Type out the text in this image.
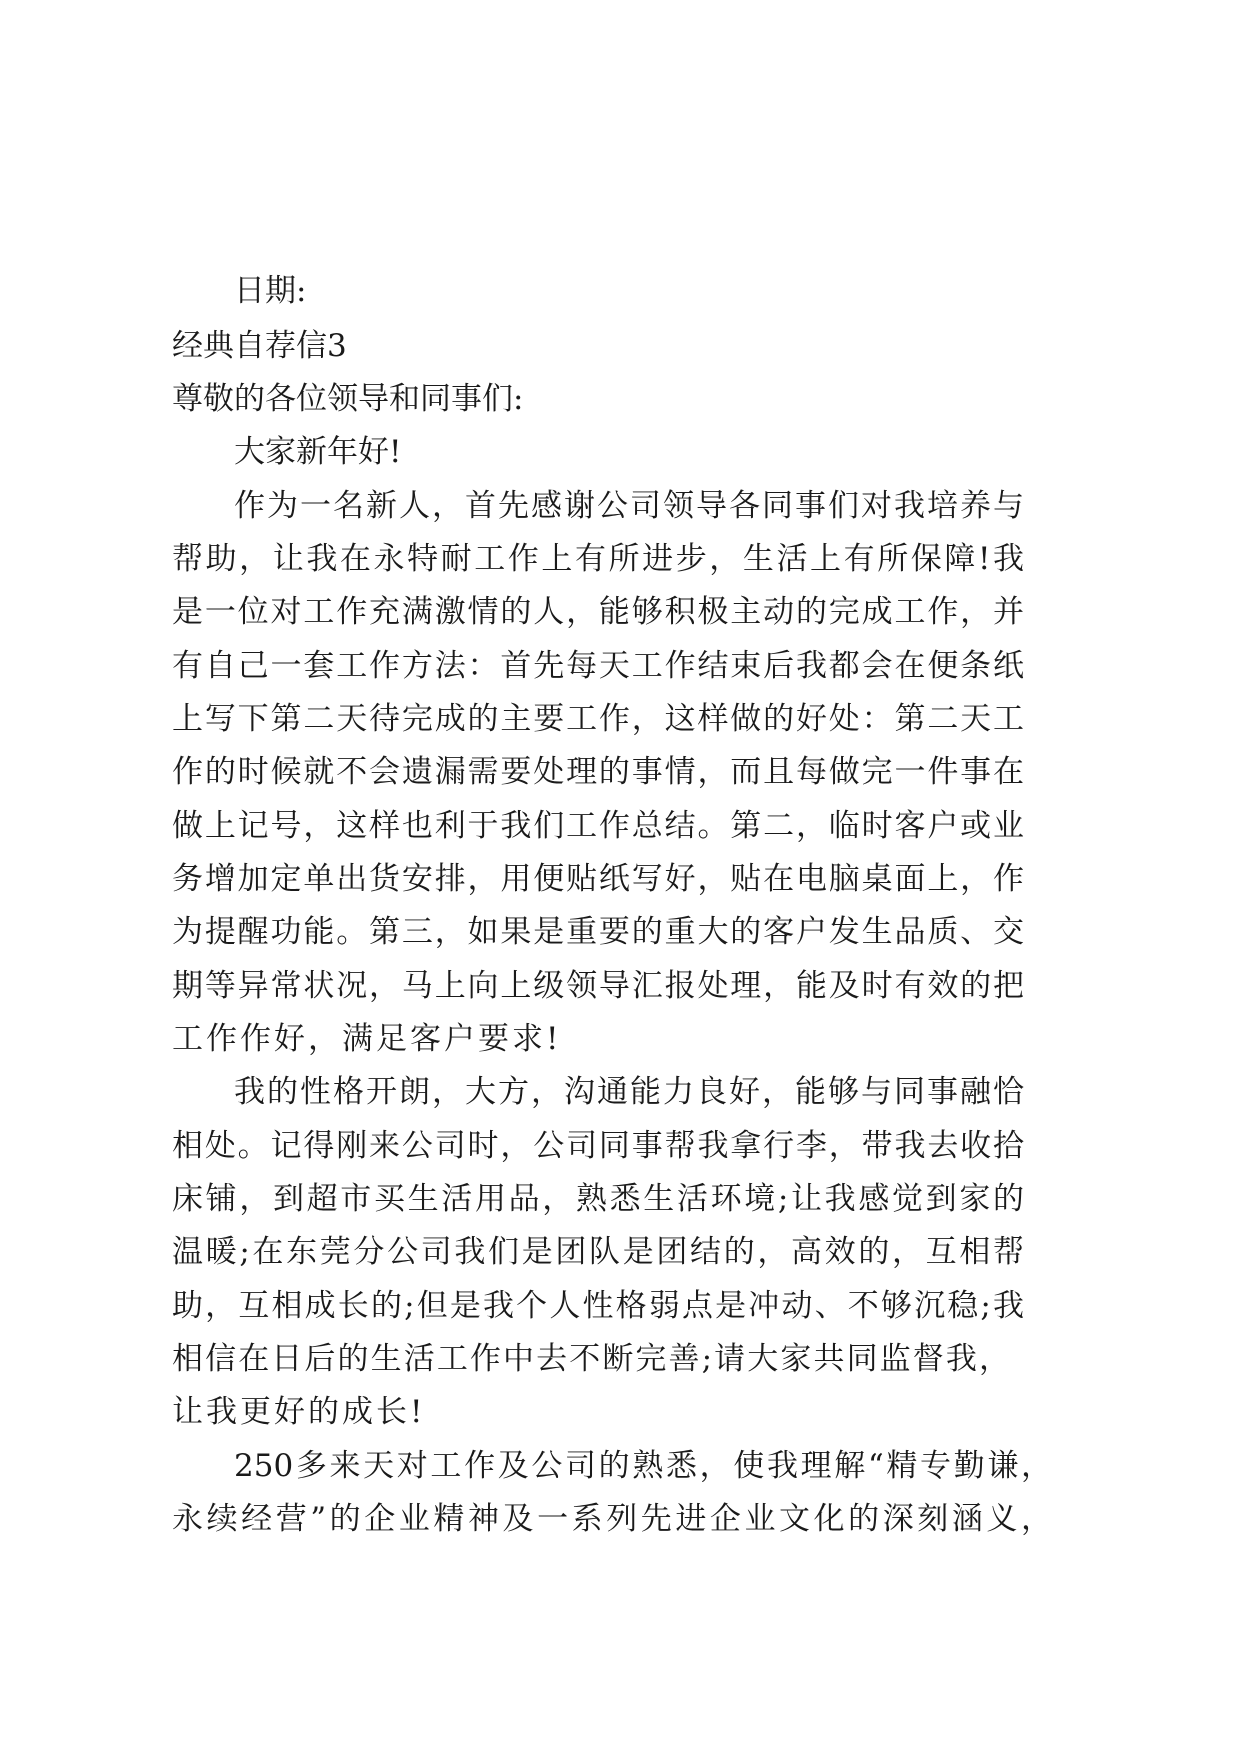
日期:

经典自荐信3

尊敬的各位领导和同事们:

大家新年好!

作为一名新人，首先感谢公司领导各同事们对我培养与

帮助，让我在永特耐工作上有所进步，生活上有所保障!我

是一位对工作充满激情的人，能够积极主动的完成工作，并

有自己一套工作方法：首先每天工作结束后我都会在便条纸

上写下第二天待完成的主要工作，这样做的好处：第二天工

作的时候就不会遗漏需要处理的事情，而且每做完一件事在

做上记号，这样也利于我们工作总结。第二，临时客户或业

务增加定单出货安排，用便贴纸写好，贴在电脑桌面上，作

为提醒功能。第三，如果是重要的重大的客户发生品质、交

期等异常状况，马上向上级领导汇报处理，能及时有效的把

工作作好，满足客户要求!

我的性格开朗，大方，沟通能力良好，能够与同事融恰

相处。记得刚来公司时，公司同事帮我拿行李，带我去收拾

床铺，到超市买生活用品，熟悉生活环境;让我感觉到家的

温暖;在东莞分公司我们是团队是团结的，高效的，互相帮

助，互相成长的;但是我个人性格弱点是冲动、不够沉稳;我

相信在日后的生活工作中去不断完善;请大家共同监督我，

让我更好的成长!

250多来天对工作及公司的熟悉，使我理解“精专勤谦，

永续经营”的企业精神及一系列先进企业文化的深刻涵义，
